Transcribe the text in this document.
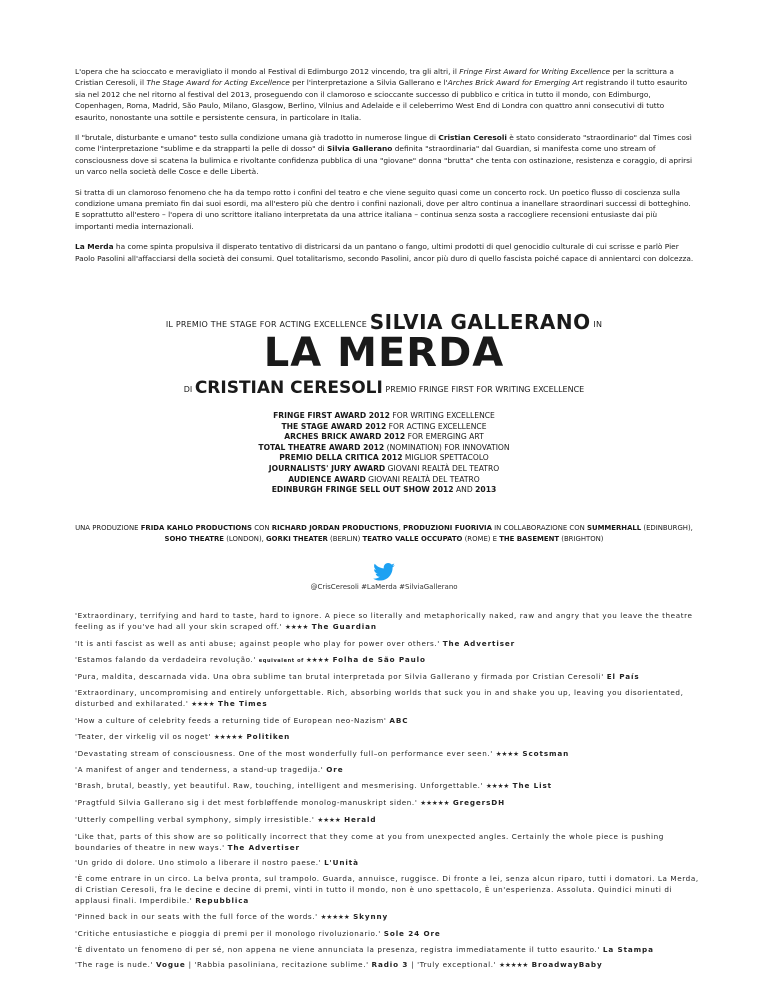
L'opera che ha scioccato e meravigliato il mondo al Festival di Edimburgo 2012 vincendo, tra gli altri, il Fringe First Award for Writing Excellence per la scrittura a Cristian Ceresoli, il The Stage Award for Acting Excellence per l'interpretazione a Silvia Gallerano e l'Arches Brick Award for Emerging Art registrando il tutto esaurito sia nel 2012 che nel ritorno al festival del 2013, proseguendo con il clamoroso e scioccante successo di pubblico e critica in tutto il mondo, con Edimburgo, Copenhagen, Roma, Madrid, São Paulo, Milano, Glasgow, Berlino, Vilnius and Adelaide e il celeberrimo West End di Londra con quattro anni consecutivi di tutto esaurito, nonostante una sottile e persistente censura, in particolare in Italia.

Il "brutale, disturbante e umano" testo sulla condizione umana già tradotto in numerose lingue di Cristian Ceresoli è stato considerato "straordinario" dal Times così come l'interpretazione "sublime e da strapparti la pelle di dosso" di Silvia Gallerano definita "straordinaria" dal Guardian, si manifesta come uno stream of consciousness dove si scatena la bulimica e rivoltante confidenza pubblica di una "giovane" donna "brutta" che tenta con ostinazione, resistenza e coraggio, di aprirsi un varco nella società delle Cosce e delle Libertà.

Si tratta di un clamoroso fenomeno che ha da tempo rotto i confini del teatro e che viene seguito quasi come un concerto rock. Un poetico flusso di coscienza sulla condizione umana premiato fin dai suoi esordi, ma all'estero più che dentro i confini nazionali, dove per altro continua a inanellare straordinari successi di botteghino. E soprattutto all'estero – l'opera di uno scrittore italiano interpretata da una attrice italiana – continua senza sosta a raccogliere recensioni entusiaste dai più importanti media internazionali.

La Merda ha come spinta propulsiva il disperato tentativo di districarsi da un pantano o fango, ultimi prodotti di quel genocidio culturale di cui scrisse e parlò Pier Paolo Pasolini all'affacciarsi della società dei consumi. Quel totalitarismo, secondo Pasolini, ancor più duro di quello fascista poiché capace di annientarci con dolcezza.

IL PREMIO THE STAGE FOR ACTING EXCELLENCE SILVIA GALLERANO IN
LA MERDA
DI CRISTIAN CERESOLI PREMIO FRINGE FIRST FOR WRITING EXCELLENCE
FRINGE FIRST AWARD 2012 FOR WRITING EXCELLENCE
THE STAGE AWARD 2012 FOR ACTING EXCELLENCE
ARCHES BRICK AWARD 2012 FOR EMERGING ART
TOTAL THEATRE AWARD 2012 (NOMINATION) FOR INNOVATION
PREMIO DELLA CRITICA 2012 MIGLIOR SPETTACOLO
JOURNALISTS' JURY AWARD GIOVANI REALTÀ DEL TEATRO
AUDIENCE AWARD GIOVANI REALTÀ DEL TEATRO
EDINBURGH FRINGE SELL OUT SHOW 2012 AND 2013
UNA PRODUZIONE FRIDA KAHLO PRODUCTIONS CON RICHARD JORDAN PRODUCTIONS, PRODUZIONI FUORIVIA IN COLLABORAZIONE CON SUMMERHALL (EDINBURGH), SOHO THEATRE (LONDON), GORKI THEATER (BERLIN) TEATRO VALLE OCCUPATO (ROME) E THE BASEMENT (BRIGHTON)
@CrisCeresoli #LaMerda #SilviaGallerano
'Extraordinary, terrifying and hard to taste, hard to ignore. A piece so literally and metaphorically naked, raw and angry that you leave the theatre feeling as if you've had all your skin scraped off.' ★★★★ The Guardian
'It is anti fascist as well as anti abuse; against people who play for power over others.' The Advertiser
'Estamos falando da verdadeira revolução.' equivalent of ★★★★ Folha de São Paulo
'Pura, maldita, descarnada vida. Una obra sublime tan brutal interpretada por Silvia Gallerano y firmada por Cristian Ceresoli' El País
'Extraordinary, uncompromising and entirely unforgettable. Rich, absorbing worlds that suck you in and shake you up, leaving you disorientated, disturbed and exhilarated.' ★★★★ The Times
'How a culture of celebrity feeds a returning tide of European neo-Nazism' ABC
'Teater, der virkelig vil os noget' ★★★★★ Politiken
'Devastating stream of consciousness. One of the most wonderfully full–on performance ever seen.' ★★★★ Scotsman
'A manifest of anger and tenderness, a stand-up tragedija.' Ore
'Brash, brutal, beastly, yet beautiful. Raw, touching, intelligent and mesmerising. Unforgettable.' ★★★★ The List
'Pragtfuld Silvia Gallerano sig i det mest forbløffende monolog-manuskript siden.' ★★★★★ GregersDH
'Utterly compelling verbal symphony, simply irresistible.' ★★★★ Herald
'Like that, parts of this show are so politically incorrect that they come at you from unexpected angles. Certainly the whole piece is pushing boundaries of theatre in new ways.' The Advertiser
'Un grido di dolore. Uno stimolo a liberare il nostro paese.' L'Unità
'È come entrare in un circo. La belva pronta, sul trampolo. Guarda, annuisce, ruggisce. Di fronte a lei, senza alcun riparo, tutti i domatori. La Merda, di Cristian Ceresoli, fra le decine e decine di premi, vinti in tutto il mondo, non è uno spettacolo, È un'esperienza. Assoluta. Quindici minuti di applausi finali. Imperdibile.' Repubblica
'Pinned back in our seats with the full force of the words.' ★★★★★ Skynny
'Critiche entusiastiche e pioggia di premi per il monologo rivoluzionario.' Sole 24 Ore
'È diventato un fenomeno di per sé, non appena ne viene annunciata la presenza, registra immediatamente il tutto esaurito.' La Stampa
'The rage is nude.' Vogue | 'Rabbia pasoliniana, recitazione sublime.' Radio 3 | 'Truly exceptional.' ★★★★★ BroadwayBaby
